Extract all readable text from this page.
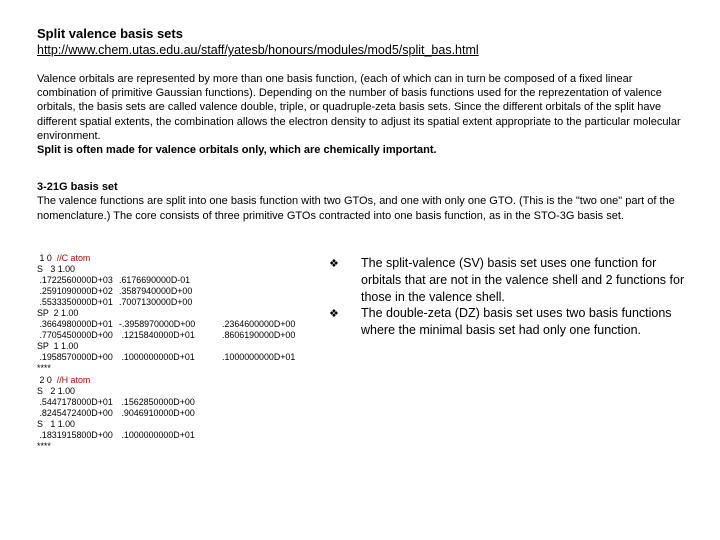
Split valence basis sets
http://www.chem.utas.edu.au/staff/yatesb/honours/modules/mod5/split_bas.html
Valence orbitals are represented by more than one basis function, (each of which can in turn be composed of a fixed linear combination of primitive Gaussian functions). Depending on the number of basis functions used for the reprezentation of valence orbitals, the basis sets are called valence double, triple, or quadruple-zeta basis sets. Since the different orbitals of the split have different spatial extents, the combination allows the electron density to adjust its spatial extent appropriate to the particular molecular environment.
Split is often made for valence orbitals only, which are chemically important.
3-21G basis set
The valence functions are split into one basis function with two GTOs, and one with only one GTO. (This is the "two one" part of the nomenclature.) The core consists of three primitive GTOs contracted into one basis function, as in the STO-3G basis set.
1 0  //C atom
S   3 1.00
.1722560000D+03 .6176690000D-01
.2591090000D+02 .3587940000D+00
.5533350000D+01 .7007130000D+00
SP  2 1.00
.3664980000D+01 -.3958970000D+00	.2364600000D+00
.7705450000D+00 .1215840000D+01	.8606190000D+00
SP  1 1.00
.1958570000D+00 .1000000000D+01	.1000000000D+01
****
2 0  //H atom
S   2 1.00
.5447178000D+01 .1562850000D+00
.8245472400D+00 .9046910000D+00
S   1 1.00
.1831915800D+00 .1000000000D+01
****
❖ The split-valence (SV) basis set uses one function for orbitals that are not in the valence shell and 2 functions for those in the valence shell.
❖ The double-zeta (DZ) basis set uses two basis functions where the minimal basis set had only one function.
